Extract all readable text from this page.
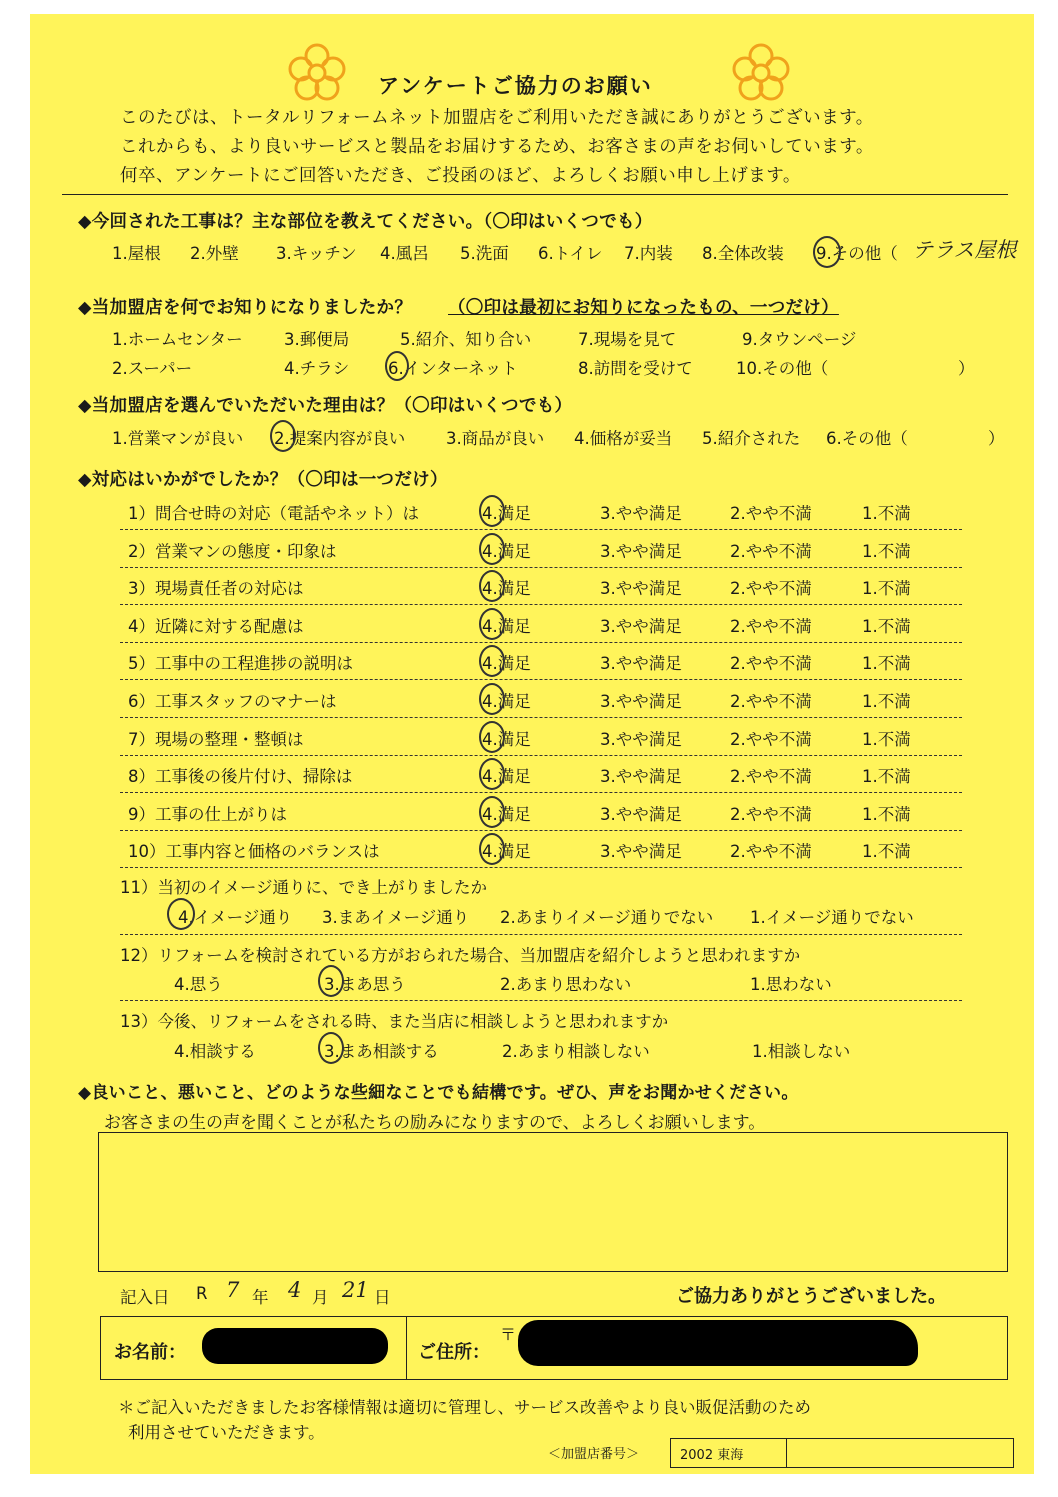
アンケートご協力のお願い
このたびは、トータルリフォームネット加盟店をご利用いただき誠にありがとうございます。
これからも、より良いサービスと製品をお届けするため、お客さまの声をお伺いしています。
何卒、アンケートにご回答いただき、ご投函のほど、よろしくお願い申し上げます。
◆今回された工事は？主な部位を教えてください。（〇印はいくつでも）
1.屋根 2.外壁 3.キッチン 4.風呂 5.洗面 6.トイレ 7.内装 8.全体改装 9.その他（ テラス屋根
◆当加盟店を何でお知りになりましたか？ （〇印は最初にお知りになったもの、一つだけ）
1.ホームセンター	3.郵便局	5.紹介、知り合い	7.現場を見て	9.タウンページ
2.スーパー	4.チラシ 6.インターネット	8.訪問を受けて	10.その他（	）
◆当加盟店を選んでいただいた理由は？（〇印はいくつでも）
1.営業マンが良い 2.提案内容が良い 3.商品が良い 4.価格が妥当 5.紹介された 6.その他（	）
◆対応はいかがでしたか？（〇印は一つだけ）
1）問合せ時の対応（電話やネット）は	4.満足	3.やや満足	2.やや不満	1.不満
2）営業マンの態度・印象は	4.満足	3.やや満足	2.やや不満	1.不満
3）現場責任者の対応は	4.満足	3.やや満足	2.やや不満	1.不満
4）近隣に対する配慮は	4.満足	3.やや満足	2.やや不満	1.不満
5）工事中の工程進捗の説明は	4.満足	3.やや満足	2.やや不満	1.不満
6）工事スタッフのマナーは	4.満足	3.やや満足	2.やや不満	1.不満
7）現場の整理・整頓は	4.満足	3.やや満足	2.やや不満	1.不満
8）工事後の後片付け、掃除は	4.満足	3.やや満足	2.やや不満	1.不満
9）工事の仕上がりは	4.満足	3.やや満足	2.やや不満	1.不満
10）工事内容と価格のバランスは	4.満足	3.やや満足	2.やや不満	1.不満
11）当初のイメージ通りに、でき上がりましたか
4.イメージ通り 3.まあイメージ通り 2.あまりイメージ通りでない 1.イメージ通りでない
12）リフォームを検討されている方がおられた場合、当加盟店を紹介しようと思われますか
4.思う	3.まあ思う	2.あまり思わない	1.思わない
13）今後、リフォームをされる時、また当店に相談しようと思われますか
4.相談する	3.まあ相談する	2.あまり相談しない	1.相談しない
◆良いこと、悪いこと、どのような些細なことでも結構です。ぜひ、声をお聞かせください。
お客さまの生の声を聞くことが私たちの励みになりますので、よろしくお願いします。
記入日 R 7 年 4 月 21 日	ご協力ありがとうございました。
お名前：	ご住所：
〒
＊ご記入いただきましたお客様情報は適切に管理し、サービス改善やより良い販促活動のため
利用させていただきます。
＜加盟店番号＞	2002 東海
